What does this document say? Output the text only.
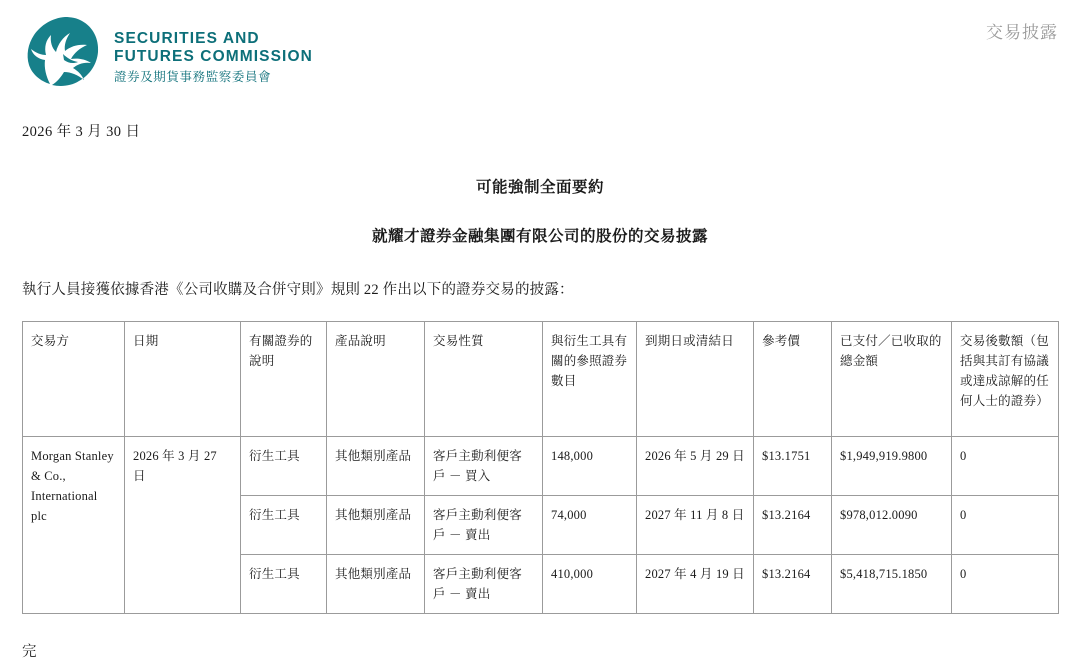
SECURITIES AND
FUTURES COMMISSION
證券及期貨事務監察委員會
交易披露
2026 年 3 月 30 日
可能強制全面要約
就耀才證券金融集團有限公司的股份的交易披露
執行人員接獲依據香港《公司收購及合併守則》規則 22 作出以下的證券交易的披露：
交易方	日期	有關證券的說明	產品說明	交易性質	與衍生工具有關的參照證券數目	到期日或清結日	參考價	已支付／已收取的總金額	交易後數額（包括與其訂有協議或達成諒解的任何人士的證券）
Morgan Stanley & Co., International plc	2026 年 3 月 27 日	衍生工具	其他類別產品	客戶主動利便客戶 － 買入	148,000	2026 年 5 月 29 日	$13.1751	$1,949,919.9800	0
		衍生工具	其他類別產品	客戶主動利便客戶 － 賣出	74,000	2027 年 11 月 8 日	$13.2164	$978,012.0090	0
		衍生工具	其他類別產品	客戶主動利便客戶 － 賣出	410,000	2027 年 4 月 19 日	$13.2164	$5,418,715.1850	0
完
